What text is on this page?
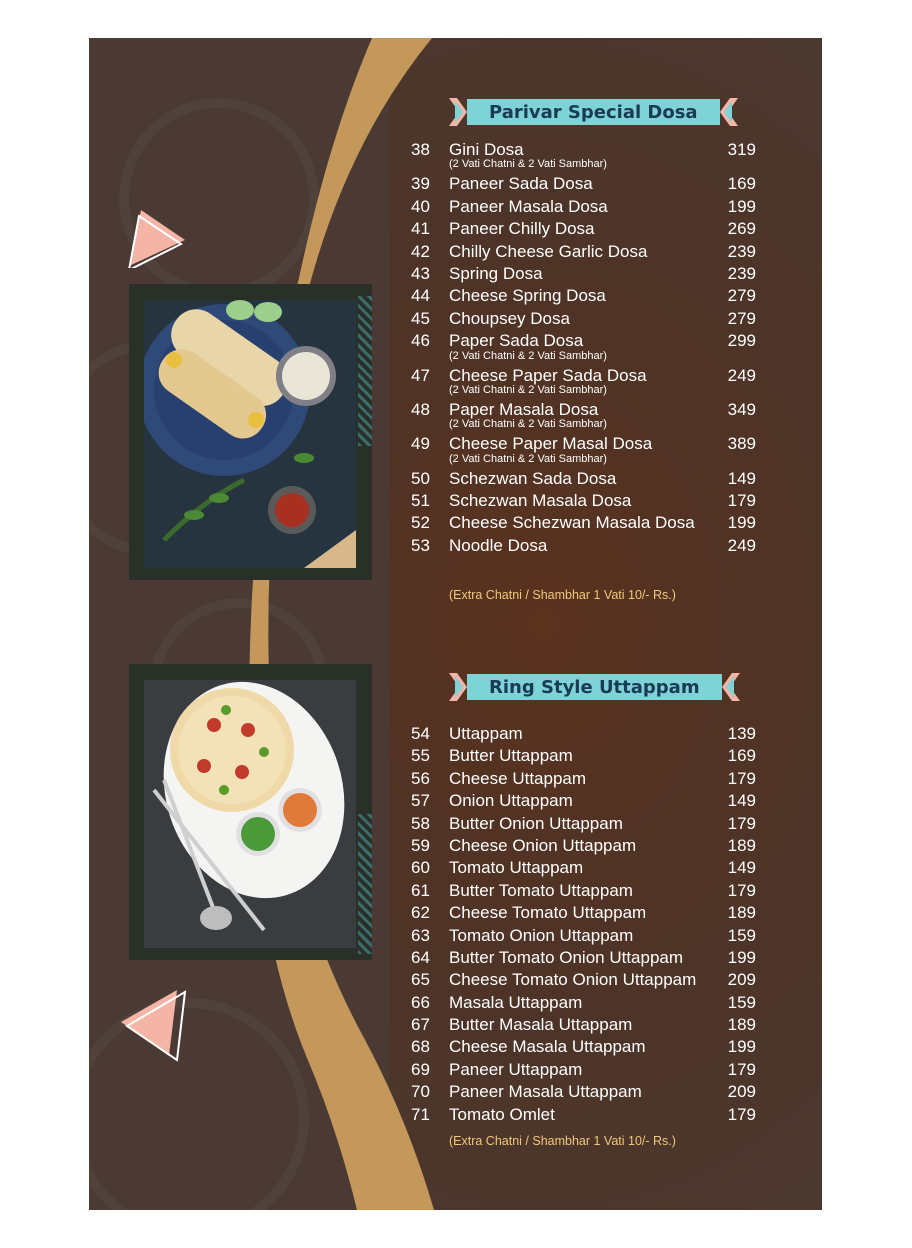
Parivar Special Dosa
38 Gini Dosa	319
(2 Vati Chatni & 2 Vati Sambhar)
39 Paneer Sada Dosa	169
40 Paneer Masala Dosa	199
41 Paneer Chilly Dosa	269
42 Chilly Cheese Garlic Dosa	239
43 Spring Dosa	239
44 Cheese Spring Dosa	279
45 Choupsey Dosa	279
46 Paper Sada Dosa	299
(2 Vati Chatni & 2 Vati Sambhar)
47 Cheese Paper Sada Dosa	249
(2 Vati Chatni & 2 Vati Sambhar)
48 Paper Masala Dosa	349
(2 Vati Chatni & 2 Vati Sambhar)
49 Cheese Paper Masal Dosa	389
(2 Vati Chatni & 2 Vati Sambhar)
50 Schezwan Sada Dosa	149
51 Schezwan Masala Dosa	179
52 Cheese Schezwan Masala Dosa 199
53 Noodle Dosa	249
(Extra Chatni / Shambhar 1 Vati 10/- Rs.)
Ring Style Uttappam
54 Uttappam	139
55 Butter Uttappam	169
56 Cheese Uttappam	179
57 Onion Uttappam	149
58 Butter Onion Uttappam	179
59 Cheese Onion Uttappam	189
60 Tomato Uttappam	149
61 Butter Tomato Uttappam	179
62 Cheese Tomato Uttappam	189
63 Tomato Onion Uttappam	159
64 Butter Tomato Onion Uttappam	199
65 Cheese Tomato Onion Uttappam 209
66 Masala Uttappam	159
67 Butter Masala Uttappam	189
68 Cheese Masala Uttappam	199
69 Paneer Uttappam	179
70 Paneer Masala Uttappam	209
71 Tomato Omlet	179
(Extra Chatni / Shambhar 1 Vati 10/- Rs.)
